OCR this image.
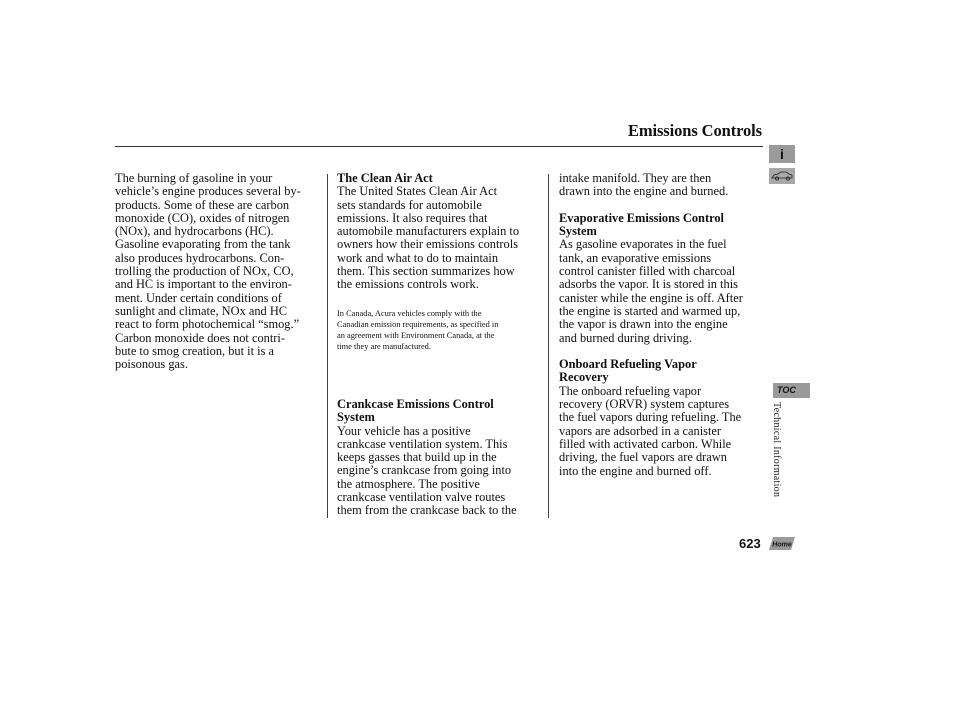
Emissions Controls
The burning of gasoline in your
vehicle’s engine produces several by-
products. Some of these are carbon
monoxide (CO), oxides of nitrogen
(NOx), and hydrocarbons (HC).
Gasoline evaporating from the tank
also produces hydrocarbons. Con-
trolling the production of NOx, CO,
and HC is important to the environ-
ment. Under certain conditions of
sunlight and climate, NOx and HC
react to form photochemical “smog.”
Carbon monoxide does not contri-
bute to smog creation, but it is a
poisonous gas.

The Clean Air Act

The United States Clean Air Act
sets standards for automobile
emissions. It also requires that
automobile manufacturers explain to
owners how their emissions controls
work and what to do to maintain
them. This section summarizes how
the emissions controls work.
In Canada, Acura vehicles comply with the
Canadian emission requirements, as specified in
an agreement with Environment Canada, at the
time they are manufactured.
Crankcase Emissions Control
System
Your vehicle has a positive
crankcase ventilation system. This
keeps gasses that build up in the
engine’s crankcase from going into
the atmosphere. The positive
crankcase ventilation valve routes
them from the crankcase back to the
intake manifold. They are then
drawn into the engine and burned.
Evaporative Emissions Control
System
As gasoline evaporates in the fuel
tank, an evaporative emissions
control canister filled with charcoal
adsorbs the vapor. It is stored in this
canister while the engine is off. After
the engine is started and warmed up,
the vapor is drawn into the engine
and burned during driving.
Onboard Refueling Vapor
Recovery
The onboard refueling vapor
recovery (ORVR) system captures
the fuel vapors during refueling. The
vapors are adsorbed in a canister
filled with activated carbon. While
driving, the fuel vapors are drawn
into the engine and burned off.
i
TOC
Technical Information
623 Home
